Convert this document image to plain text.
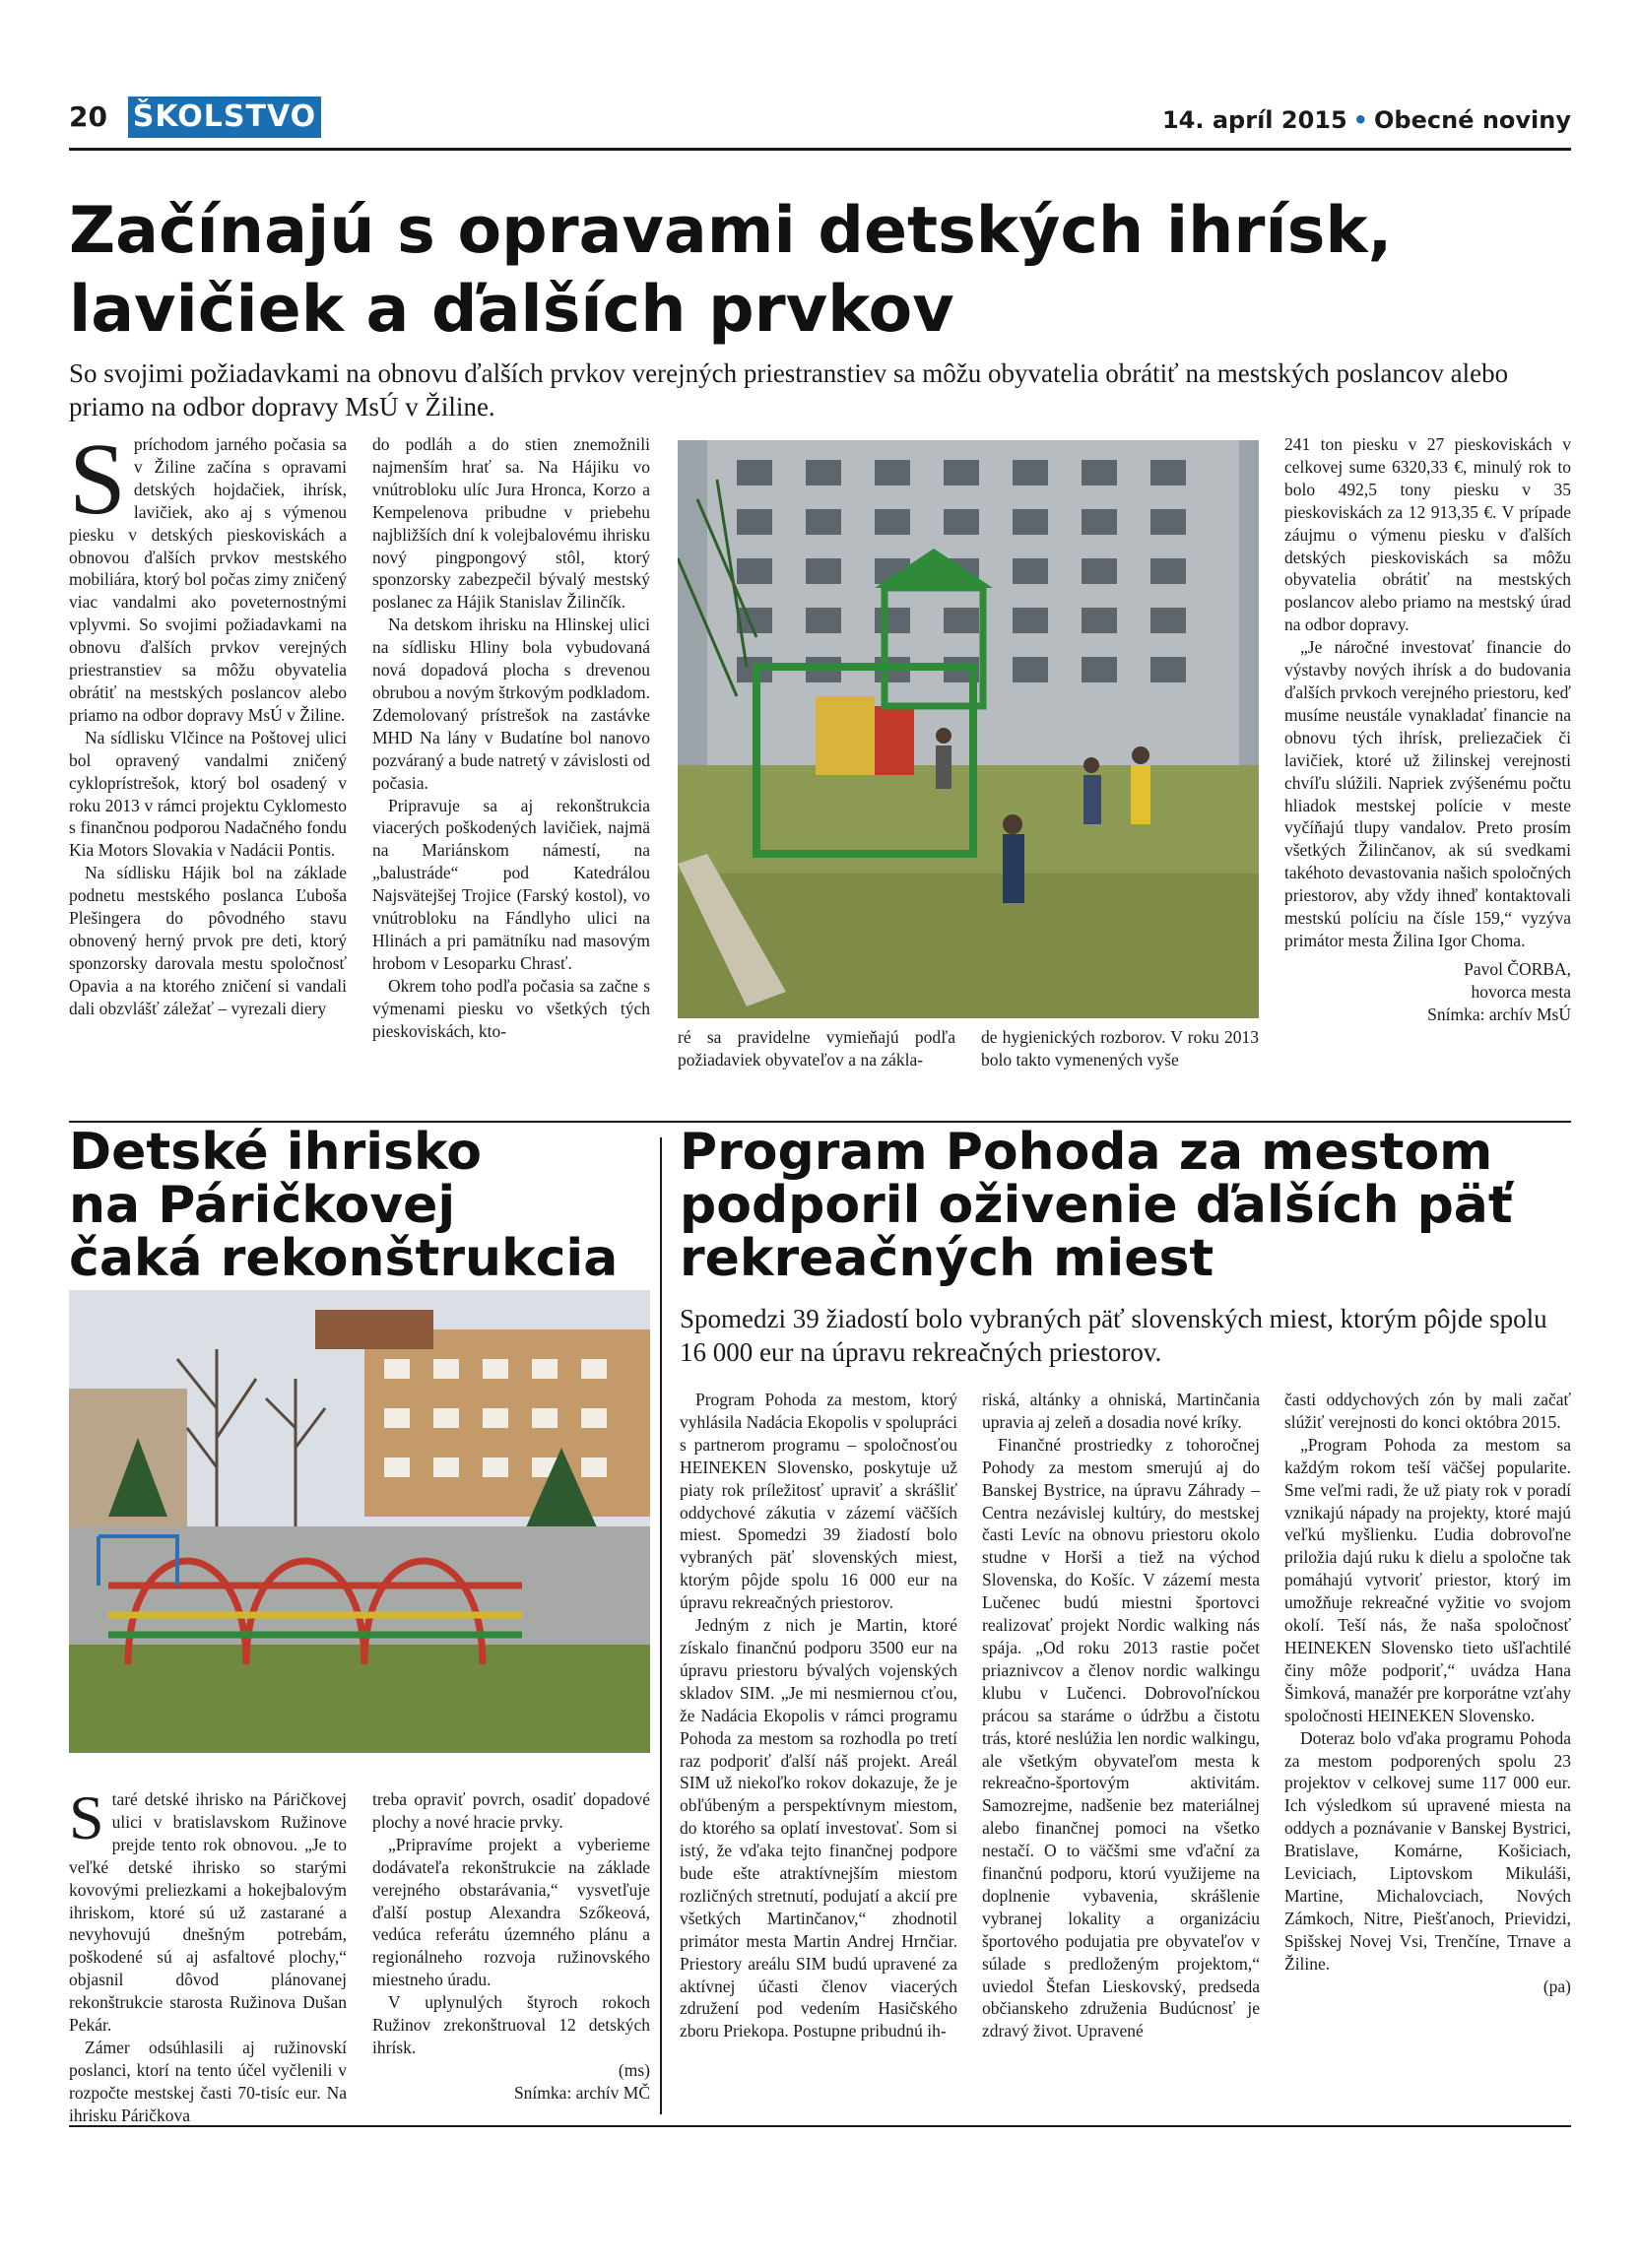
20 ŠKOLSTVO	14. apríl 2015 • Obecné noviny
Začínajú s opravami detských ihrísk,
lavičiek a ďalších prvkov
So svojimi požiadavkami na obnovu ďalších prvkov verejných priestranstiev sa môžu obyvatelia obrátiť na mestských poslancov alebo priamo na odbor dopravy MsÚ v Žiline.
S príchodom jarného počasia sa v Žiline začína s opravami detských hojdačiek, ihrísk, lavičiek, ako aj s výmenou piesku v detských pieskoviskách a obnovou ďalších prvkov mestského mobiliára, ktorý bol počas zimy zničený viac vandalmi ako poveternostnými vplyvmi. So svojimi požiadavkami na obnovu ďalších prvkov verejných priestranstiev sa môžu obyvatelia obrátiť na mestských poslancov alebo priamo na odbor dopravy MsÚ v Žiline.

Na sídlisku Vlčince na Poštovej ulici bol opravený vandalmi zničený cykloprístrešok, ktorý bol osadený v roku 2013 v rámci projektu Cyklomesto s finančnou podporou Nadačného fondu Kia Motors Slovakia v Nadácii Pontis.

Na sídlisku Hájik bol na základe podnetu mestského poslanca Ľuboša Plešingera do pôvodného stavu obnovený herný prvok pre deti, ktorý sponzorsky darovala mestu spoločnosť Opavia a na ktorého zničení si vandali dali obzvlášť záležať – vyrezali diery

do podláh a do stien znemožnili najmenším hrať sa. Na Hájiku vo vnútrobloku ulíc Jura Hronca, Korzo a Kempelenova pribudne v priebehu najbližších dní k volejbalovému ihrisku nový pingpongový stôl, ktorý sponzorsky zabezpečil bývalý mestský poslanec za Hájik Stanislav Žilinčík.

Na detskom ihrisku na Hlinskej ulici na sídlisku Hliny bola vybudovaná nová dopadová plocha s drevenou obrubou a novým štrkovým podkladom. Zdemolovaný prístrešok na zastávke MHD Na lány v Budatíne bol nanovo pozváraný a bude natretý v závislosti od počasia.

Pripravuje sa aj rekonštrukcia viacerých poškodených lavičiek, najmä na Mariánskom námestí, na „balustráde“ pod Katedrálou Najsvätejšej Trojice (Farský kostol), vo vnútrobloku na Fándlyho ulici na Hlinách a pri pamätníku nad masovým hrobom v Lesoparku Chrasť.

Okrem toho podľa počasia sa začne s výmenami piesku vo všetkých tých pieskoviskách, kto-	ré sa pravidelne vymieňajú podľa požiadaviek obyvateľov a na zákla-

de hygienických rozborov. V roku 2013 bolo takto vymenených vyše

241 ton piesku v 27 pieskoviskách v celkovej sume 6320,33 €, minulý rok to bolo 492,5 tony piesku v 35 pieskoviskách za 12 913,35 €. V prípade záujmu o výmenu piesku v ďalších detských pieskoviskách sa môžu obyvatelia obrátiť na mestských poslancov alebo priamo na mestský úrad na odbor dopravy.

„Je náročné investovať financie do výstavby nových ihrísk a do budovania ďalších prvkoch verejného priestoru, keď musíme neustále vynakladať financie na obnovu tých ihrísk, preliezačiek či lavičiek, ktoré už žilinskej verejnosti chvíľu slúžili. Napriek zvýšenému počtu hliadok mestskej polície v meste vyčíňajú tlupy vandalov. Preto prosím všetkých Žilinčanov, ak sú svedkami takéhoto devastovania našich spoločných priestorov, aby vždy ihneď kontaktovali mestskú políciu na čísle 159,“ vyzýva primátor mesta Žilina Igor Choma.

Pavol ČORBA,

hovorca mesta

Snímka: archív MsÚ

Detské ihrisko
na Páričkovej
čaká rekonštrukcia
S taré detské ihrisko na Páričkovej ulici v bratislavskom Ružinove prejde tento rok obnovou. „Je to veľké detské ihrisko so starými kovovými preliezkami a hokejbalovým ihriskom, ktoré sú už zastarané a nevyhovujú dnešným potrebám, poškodené sú aj asfaltové plochy,“ objasnil dôvod plánovanej rekonštrukcie starosta Ružinova Dušan Pekár.

Zámer odsúhlasili aj ružinovskí poslanci, ktorí na tento účel vyčlenili v rozpočte mestskej časti 70-tisíc eur. Na ihrisku Páričkova

treba opraviť povrch, osadiť dopadové plochy a nové hracie prvky.

„Pripravíme projekt a vyberieme dodávateľa rekonštrukcie na základe verejného obstarávania,“ vysvetľuje ďalší postup Alexandra Szőkeová, vedúca referátu územného plánu a regionálneho rozvoja ružinovského miestneho úradu.

V uplynulých štyroch rokoch Ružinov zrekonštruoval 12 detských ihrísk.

(ms)

Snímka: archív MČ

Program Pohoda za mestom
podporil oživenie ďalších päť
rekreačných miest
Spomedzi 39 žiadostí bolo vybraných päť slovenských miest, ktorým pôjde spolu 16 000 eur na úpravu rekreačných priestorov.

Program Pohoda za mestom, ktorý vyhlásila Nadácia Ekopolis v spolupráci s partnerom programu – spoločnosťou HEINEKEN Slovensko, poskytuje už piaty rok príležitosť upraviť a skrášliť oddychové zákutia v zázemí väčších miest. Spomedzi 39 žiadostí bolo vybraných päť slovenských miest, ktorým pôjde spolu 16 000 eur na úpravu rekreačných priestorov.

Jedným z nich je Martin, ktoré získalo finančnú podporu 3500 eur na úpravu priestoru bývalých vojenských skladov SIM. „Je mi nesmiernou cťou, že Nadácia Ekopolis v rámci programu Pohoda za mestom sa rozhodla po tretí raz podporiť ďalší náš projekt. Areál SIM už niekoľko rokov dokazuje, že je obľúbeným a perspektívnym miestom, do ktorého sa oplatí investovať. Som si istý, že vďaka tejto finančnej podpore bude ešte atraktívnejším miestom rozličných stretnutí, podujatí a akcií pre všetkých Martinčanov,“ zhodnotil primátor mesta Martin Andrej Hrnčiar. Priestory areálu SIM budú upravené za aktívnej účasti členov viacerých združení pod vedením Hasičského zboru Priekopa. Postupne pribudnú ih-

riská, altánky a ohniská, Martinčania upravia aj zeleň a dosadia nové kríky.

Finančné prostriedky z tohoročnej Pohody za mestom smerujú aj do Banskej Bystrice, na úpravu Záhrady – Centra nezávislej kultúry, do mestskej časti Levíc na obnovu priestoru okolo studne v Horši a tiež na východ Slovenska, do Košíc. V zázemí mesta Lučenec budú miestni športovci realizovať projekt Nordic walking nás spája. „Od roku 2013 rastie počet priaznivcov a členov nordic walkingu klubu v Lučenci. Dobrovoľníckou prácou sa staráme o údržbu a čistotu trás, ktoré neslúžia len nordic walkingu, ale všetkým obyvateľom mesta k rekreačno-športovým aktivitám. Samozrejme, nadšenie bez materiálnej alebo finančnej pomoci na všetko nestačí. O to väčšmi sme vďační za finančnú podporu, ktorú využijeme na doplnenie vybavenia, skrášlenie vybranej lokality a organizáciu športového podujatia pre obyvateľov v súlade s predloženým projektom,“ uviedol Štefan Lieskovský, predseda občianskeho združenia Budúcnosť je zdravý život. Upravené

časti oddychových zón by mali začať slúžiť verejnosti do konci októbra 2015.

„Program Pohoda za mestom sa každým rokom teší väčšej popularite. Sme veľmi radi, že už piaty rok v poradí vznikajú nápady na projekty, ktoré majú veľkú myšlienku. Ľudia dobrovoľne priložia dajú ruku k dielu a spoločne tak pomáhajú vytvoriť priestor, ktorý im umožňuje rekreačné vyžitie vo svojom okolí. Teší nás, že naša spoločnosť HEINEKEN Slovensko tieto ušľachtilé činy môže podporiť,“ uvádza Hana Šimková, manažér pre korporátne vzťahy spoločnosti HEINEKEN Slovensko.

Doteraz bolo vďaka programu Pohoda za mestom podporených spolu 23 projektov v celkovej sume 117 000 eur. Ich výsledkom sú upravené miesta na oddych a poznávanie v Banskej Bystrici, Bratislave, Komárne, Košiciach, Leviciach, Liptovskom Mikuláši, Martine, Michalovciach, Nových Zámkoch, Nitre, Piešťanoch, Prievidzi, Spišskej Novej Vsi, Trenčíne, Trnave a Žiline.

(pa)
